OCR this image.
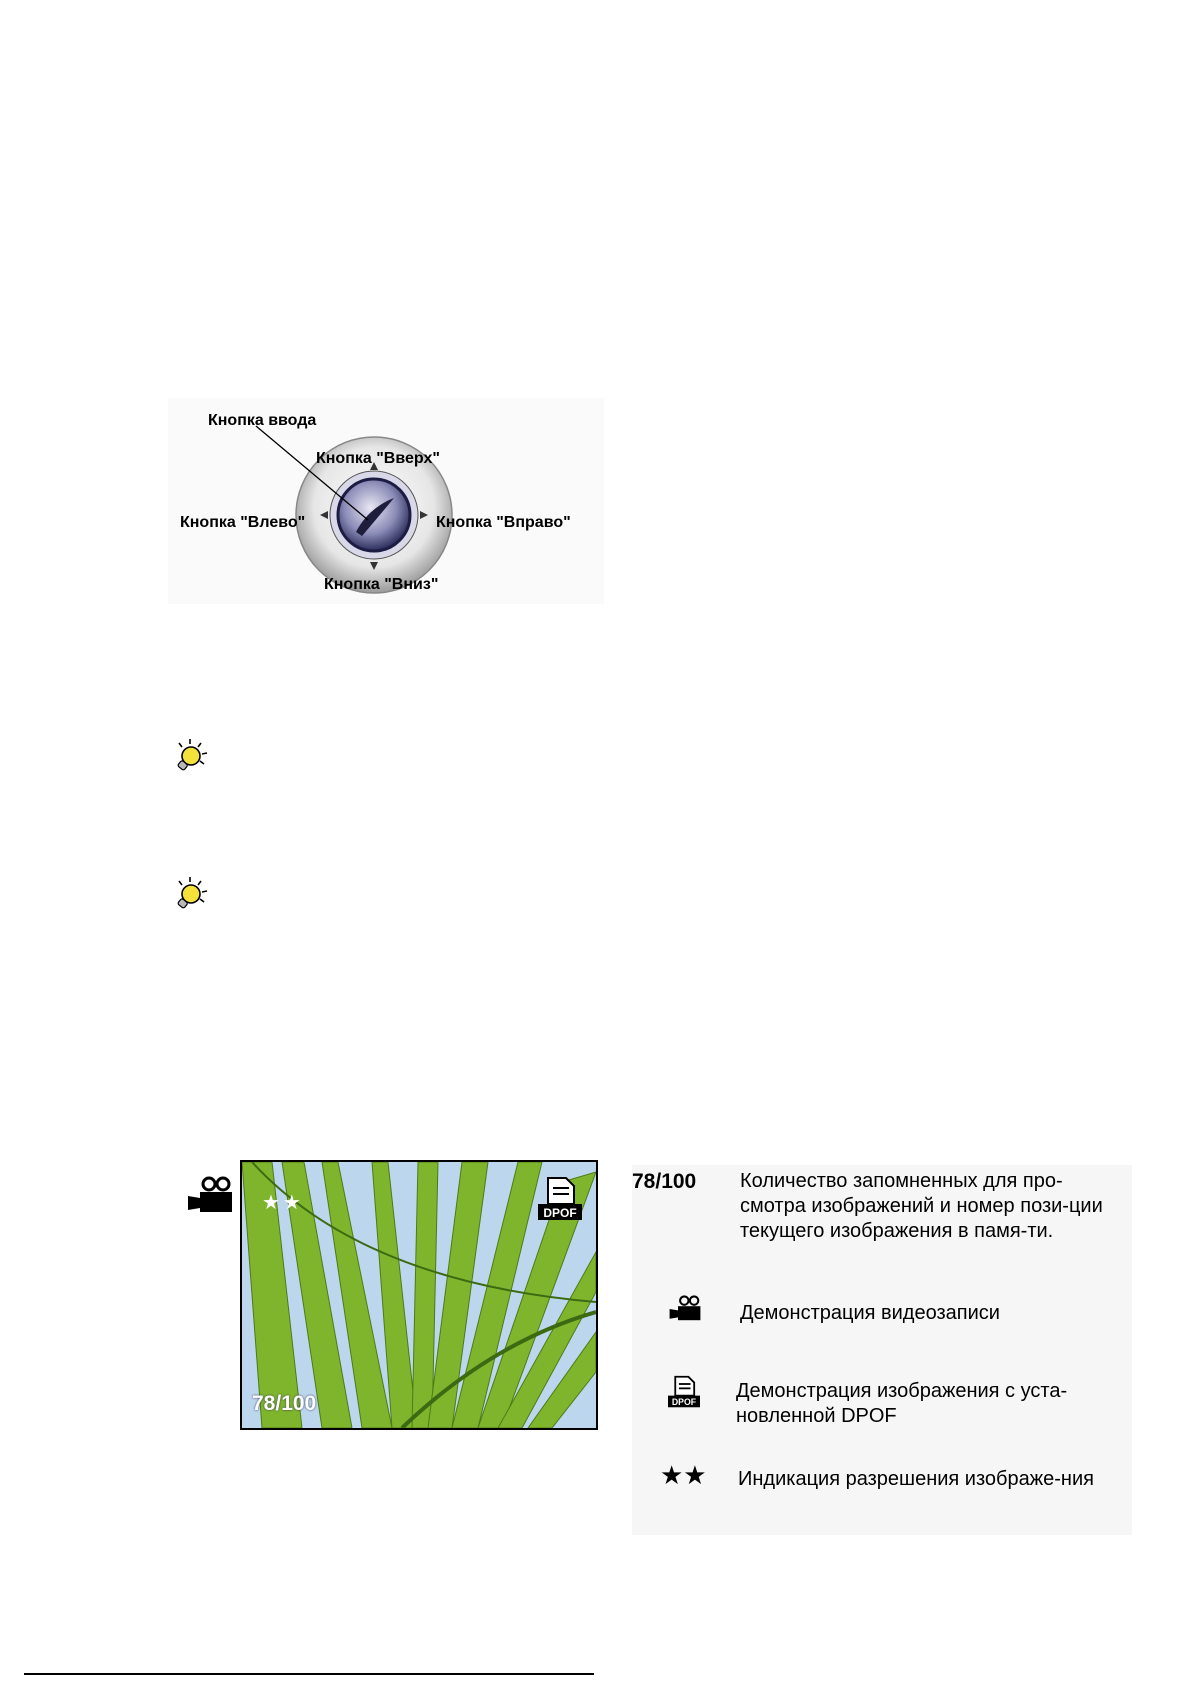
Кнопка ввода
Кнопка "Вверх"
Кнопка "Влево"	Кнопка "Вправо"
Кнопка "Вниз"
★★	DPOF
78/100
78/100 Количество запомненных для про-смотра изображений и номер пози-ции текущего изображения в памя-ти.
Демонстрация видеозаписи
DPOF
Демонстрация изображения с уста-новленной DPOF
★★ Индикация разрешения изображе-ния
